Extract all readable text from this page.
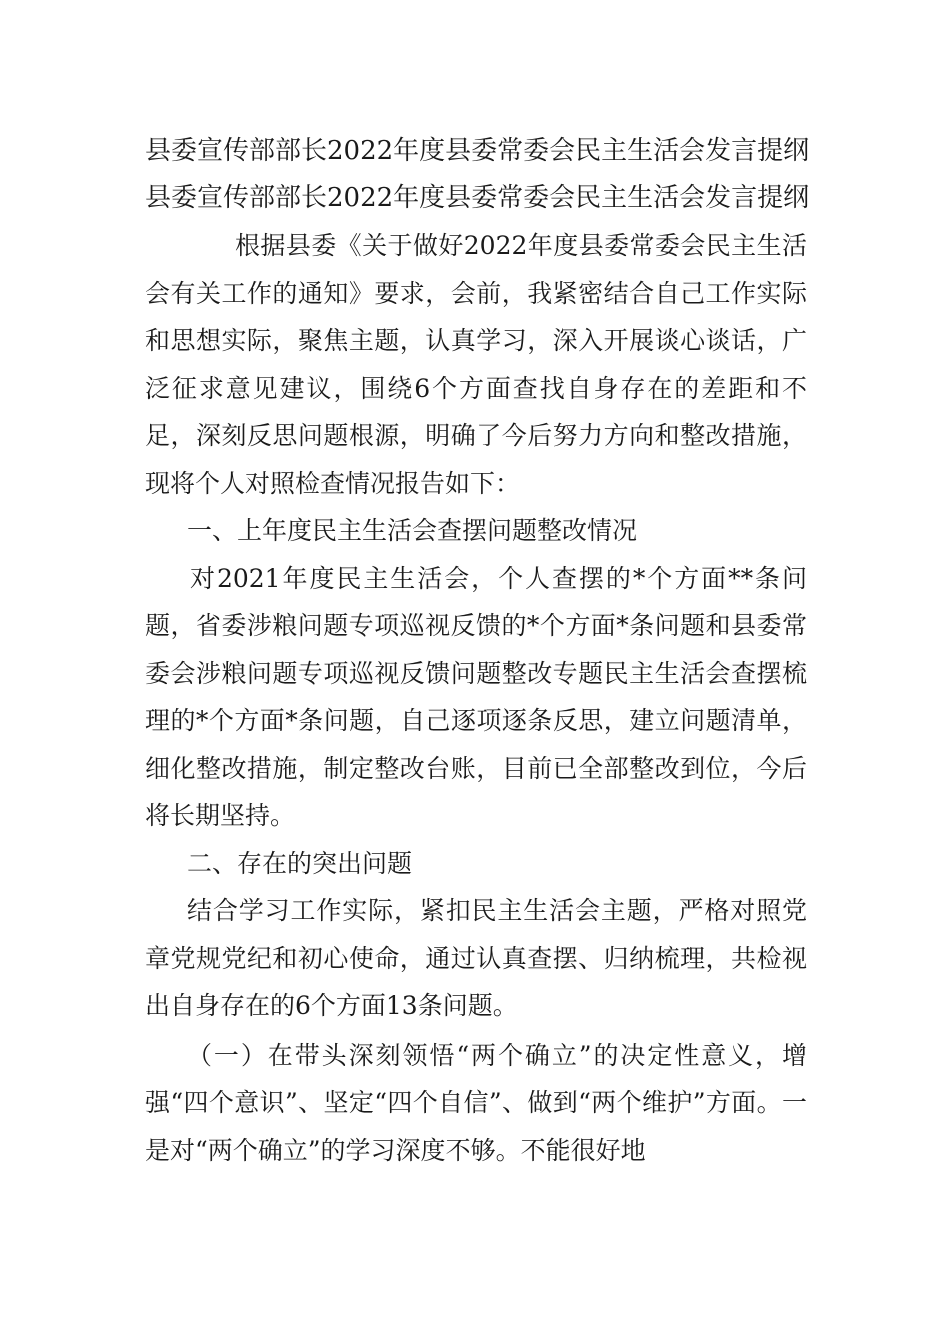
县委宣传部部长2022年度县委常委会民主生活会发言提纲

县委宣传部部长2022年度县委常委会民主生活会发言提纲

根据县委《关于做好2022年度县委常委会民主生活会有关工作的通知》要求，会前，我紧密结合自己工作实际和思想实际，聚焦主题，认真学习，深入开展谈心谈话，广泛征求意见建议，围绕6个方面查找自身存在的差距和不足，深刻反思问题根源，明确了今后努力方向和整改措施，现将个人对照检查情况报告如下：

一、上年度民主生活会查摆问题整改情况

对2021年度民主生活会，个人查摆的*个方面**条问题，省委涉粮问题专项巡视反馈的*个方面*条问题和县委常委会涉粮问题专项巡视反馈问题整改专题民主生活会查摆梳理的*个方面*条问题，自己逐项逐条反思，建立问题清单，细化整改措施，制定整改台账，目前已全部整改到位，今后将长期坚持。

二、存在的突出问题

结合学习工作实际，紧扣民主生活会主题，严格对照党章党规党纪和初心使命，通过认真查摆、归纳梳理，共检视出自身存在的6个方面13条问题。

（一）在带头深刻领悟“两个确立”的决定性意义，增强“四个意识”、坚定“四个自信”、做到“两个维护”方面。一是对“两个确立”的学习深度不够。不能很好地
